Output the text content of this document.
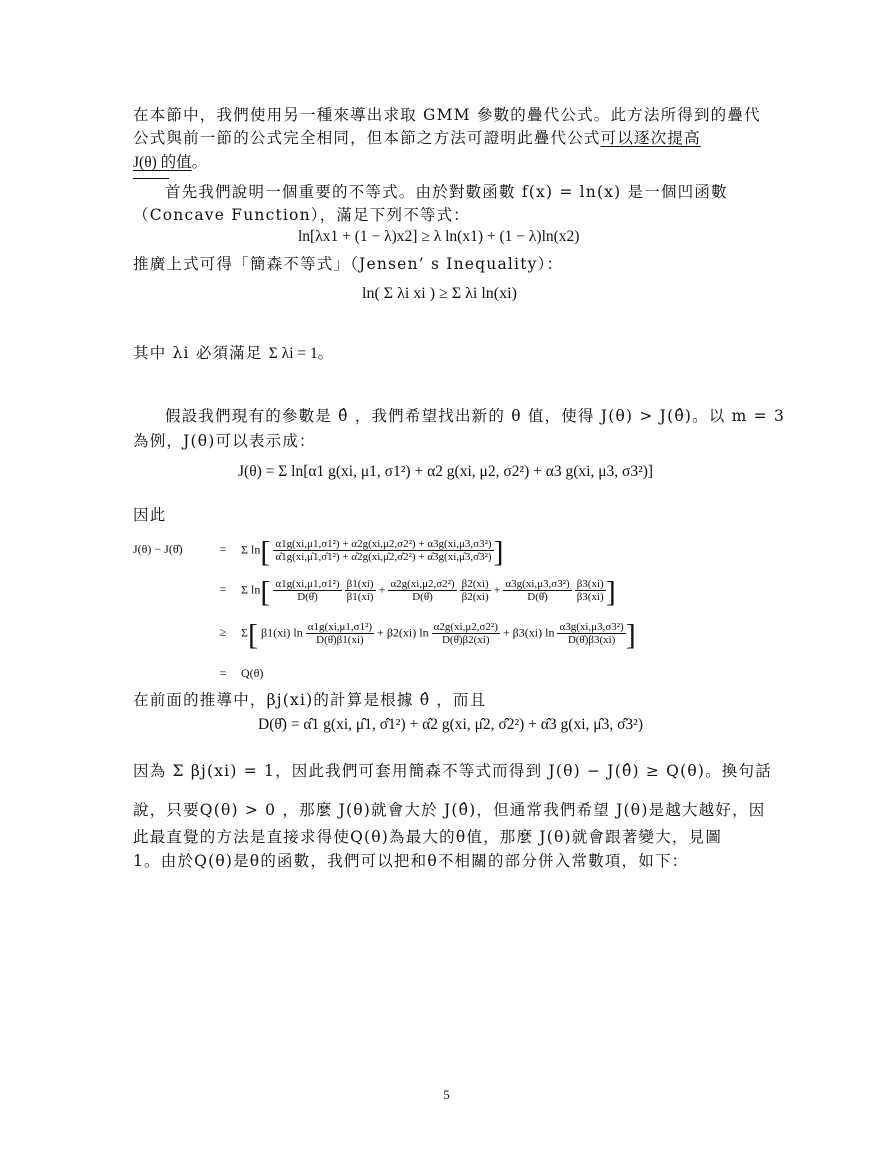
在本節中，我們使用另一種來導出求取 GMM 參數的疊代公式。此方法所得到的疊代
公式與前一節的公式完全相同，但本節之方法可證明此疊代公式可以逐次提高
J(θ) 的值。
首先我們說明一個重要的不等式。由於對數函數 f(x) = ln(x) 是一個凹函數
（Concave Function），滿足下列不等式：
ln[λx1 + (1 − λ)x2] ≥ λ ln(x1) + (1 − λ)ln(x2)
推廣上式可得「簡森不等式」（Jensen’ s Inequality）：
ln( Σ λi xi ) ≥ Σ λi ln(xi)
其中 λi 必須滿足 Σ λi = 1。
假設我們現有的參數是 θ̂ ，我們希望找出新的 θ 值，使得 J(θ) > J(θ̂)。以 m = 3
為例，J(θ)可以表示成：
J(θ) = Σ ln[α1 g(xi, μ1, σ1²) + α2 g(xi, μ2, σ2²) + α3 g(xi, μ3, σ3²)]
因此
J(θ) − J(θ̂)	= Σ $\ln[ \frac{\text{α1g(xi,μ1,σ1²) + α2g(xi,μ2,σ2²) + α3g(xi,μ3,σ3²)}}{\text{α̂1g(xi,μ̂1,σ̂1²) + α̂2g(xi,μ̂2,σ̂2²) + α̂3g(xi,μ̂3,σ̂3²)}}$ ]
= Σ $\ln[ \frac{\text{α1g(xi,μ1,σ1²)}}{D(\thetâ)}$
$\frac{\beta 1(xi)}{\beta 1(xi)} + \frac{\text{α2g(xi,μ2,σ2²)}}{D(\thetâ)}$
$\frac{\beta 2(xi)}{\beta 2(xi)} + \frac{\text{α3g(xi,μ3,σ3²)}}{D(\thetâ)}$
$\frac{\beta 3(xi)}{\beta 3(xi)}$ ]
≥ Σ[ β1(xi) $\ln \frac{\text{α1g(xi,μ1,σ1²)}}{D(\thetâ)\beta 1(xi)} + \beta 2(xi)$ $\ln \frac{\text{α2g(xi,μ2,σ2²)}}{D(\thetâ)\beta 2(xi)} + \beta 3(xi)$ $\ln \frac{\text{α3g(xi,μ3,σ3²)}}{D(\thetâ)\beta 3(xi)}$ ]
= Q(θ)
在前面的推導中，βj(xi)的計算是根據 θ̂ ，而且
D(θ̂) = α̂1 g(xi, μ̂1, σ̂1²) + α̂2 g(xi, μ̂2, σ̂2²) + α̂3 g(xi, μ̂3, σ̂3²)
因為 Σ βj(xi) = 1，因此我們可套用簡森不等式而得到 J(θ) − J(θ̂) ≥ Q(θ)。換句話
說，只要Q(θ) > 0 ，那麼 J(θ)就會大於 J(θ̂)，但通常我們希望 J(θ)是越大越好，因
此最直覺的方法是直接求得使Q(θ)為最大的θ值，那麼 J(θ)就會跟著變大，見圖
1。由於Q(θ)是θ的函數，我們可以把和θ不相關的部分併入常數項，如下：
5
